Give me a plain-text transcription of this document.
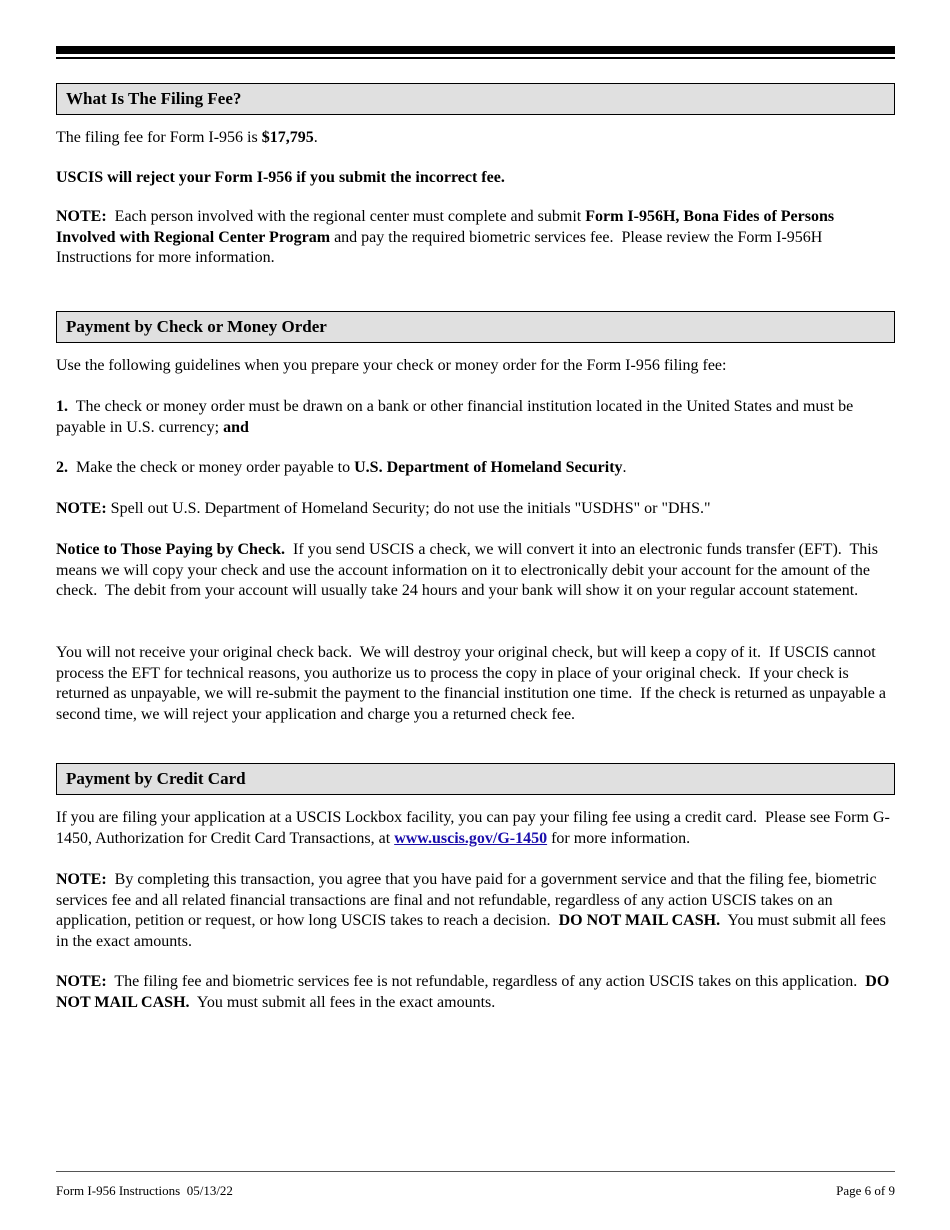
What Is The Filing Fee?

The filing fee for Form I-956 is $17,795.

USCIS will reject your Form I-956 if you submit the incorrect fee.

NOTE:  Each person involved with the regional center must complete and submit Form I-956H, Bona Fides of Persons Involved with Regional Center Program and pay the required biometric services fee.  Please review the Form I-956H Instructions for more information.

Payment by Check or Money Order

Use the following guidelines when you prepare your check or money order for the Form I-956 filing fee:

1.  The check or money order must be drawn on a bank or other financial institution located in the United States and must be payable in U.S. currency; and

2.  Make the check or money order payable to U.S. Department of Homeland Security.

NOTE: Spell out U.S. Department of Homeland Security; do not use the initials "USDHS" or "DHS."

Notice to Those Paying by Check.  If you send USCIS a check, we will convert it into an electronic funds transfer (EFT).  This means we will copy your check and use the account information on it to electronically debit your account for the amount of the check.  The debit from your account will usually take 24 hours and your bank will show it on your regular account statement.

You will not receive your original check back.  We will destroy your original check, but will keep a copy of it.  If USCIS cannot process the EFT for technical reasons, you authorize us to process the copy in place of your original check.  If your check is returned as unpayable, we will re-submit the payment to the financial institution one time.  If the check is returned as unpayable a second time, we will reject your application and charge you a returned check fee.

Payment by Credit Card

If you are filing your application at a USCIS Lockbox facility, you can pay your filing fee using a credit card.  Please see Form G-1450, Authorization for Credit Card Transactions, at www.uscis.gov/G-1450 for more information.

NOTE:  By completing this transaction, you agree that you have paid for a government service and that the filing fee, biometric services fee and all related financial transactions are final and not refundable, regardless of any action USCIS takes on an application, petition or request, or how long USCIS takes to reach a decision.  DO NOT MAIL CASH.  You must submit all fees in the exact amounts.

NOTE:  The filing fee and biometric services fee is not refundable, regardless of any action USCIS takes on this application.  DO NOT MAIL CASH.  You must submit all fees in the exact amounts.

Form I-956 Instructions  05/13/22	Page 6 of 9
